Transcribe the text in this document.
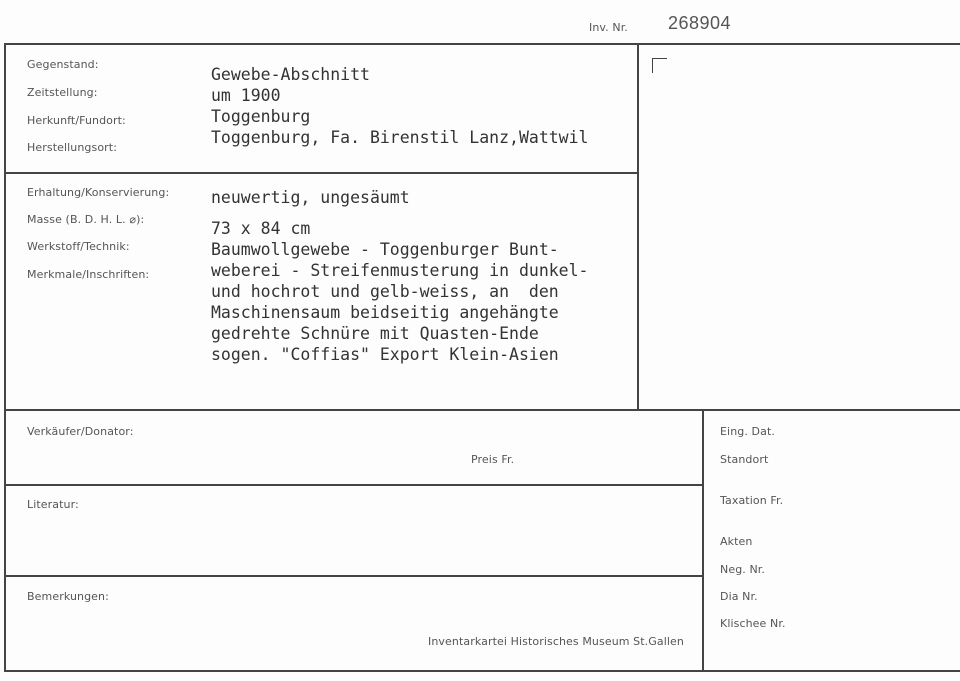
Inv. Nr. 268904
Gegenstand:
Zeitstellung:
Herkunft/Fundort:
Herstellungsort:
Gewebe-Abschnitt
um 1900
Toggenburg
Toggenburg, Fa. Birenstil Lanz,Wattwil
Erhaltung/Konservierung:
Masse (B. D. H. L. ⌀):
Werkstoff/Technik:
Merkmale/Inschriften:
neuwertig, ungesäumt
73 x 84 cm
Baumwollgewebe - Toggenburger Bunt-
weberei - Streifenmusterung in dunkel-
und hochrot und gelb-weiss, an  den
Maschinensaum beidseitig angehängte
gedrehte Schnüre mit Quasten-Ende
sogen. "Coffias" Export Klein-Asien
Verkäufer/Donator:
Preis Fr.
Literatur:
Bemerkungen:
Inventarkartei Historisches Museum St.Gallen
Eing. Dat.
Standort
Taxation Fr.
Akten
Neg. Nr.
Dia Nr.
Klischee Nr.
